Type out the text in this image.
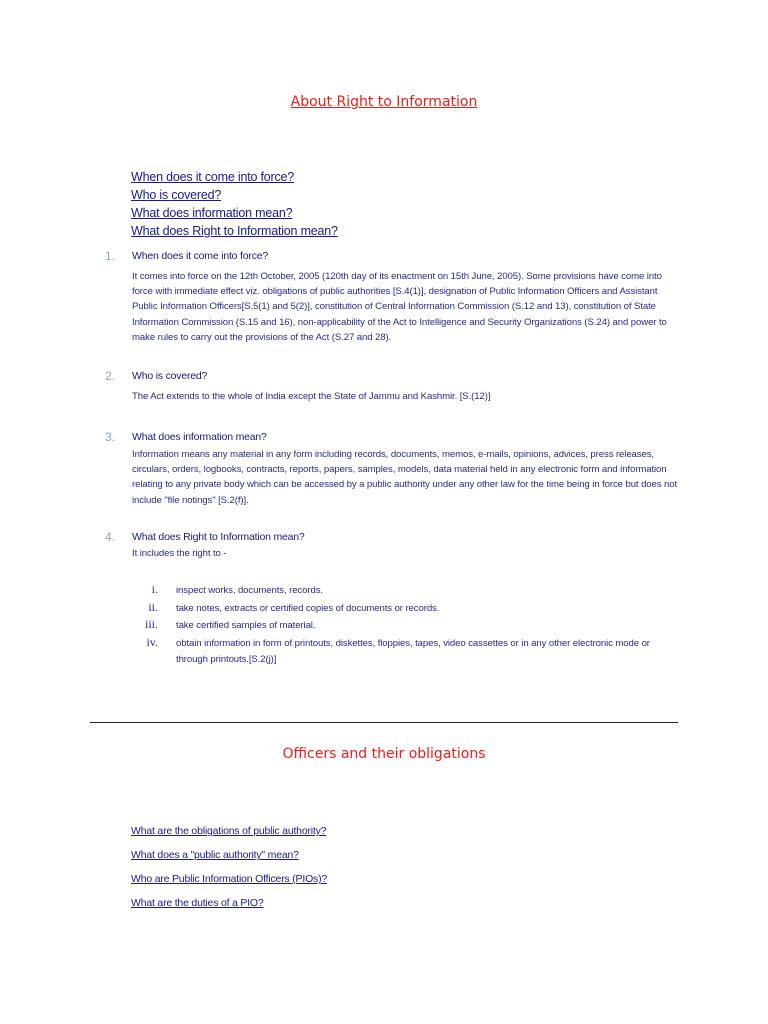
About Right to Information
When does it come into force?
Who is covered?
What does information mean?
What does Right to Information mean?
1. When does it come into force?
It comes into force on the 12th October, 2005 (120th day of its enactment on 15th June, 2005). Some provisions have come into force with immediate effect viz. obligations of public authorities [S.4(1)], designation of Public Information Officers and Assistant Public Information Officers[S.5(1) and 5(2)], constitution of Central Information Commission (S.12 and 13), constitution of State Information Commission (S.15 and 16), non-applicability of the Act to Intelligence and Security Organizations (S.24) and power to make rules to carry out the provisions of the Act (S.27 and 28).
2. Who is covered?
The Act extends to the whole of India except the State of Jammu and Kashmir. [S.(12)]
3. What does information mean?
Information means any material in any form including records, documents, memos, e-mails, opinions, advices, press releases, circulars, orders, logbooks, contracts, reports, papers, samples, models, data material held in any electronic form and information relating to any private body which can be accessed by a public authority under any other law for the time being in force but does not include "file notings" [S.2(f)].
4. What does Right to Information mean?
It includes the right to -
i. inspect works, documents, records.
ii. take notes, extracts or certified copies of documents or records.
iii. take certified samples of material.
iv. obtain information in form of printouts, diskettes, floppies, tapes, video cassettes or in any other electronic mode or through printouts.[S.2(j)]
Officers and their obligations
What are the obligations of public authority?
What does a "public authority" mean?
Who are Public Information Officers (PIOs)?
What are the duties of a PIO?
